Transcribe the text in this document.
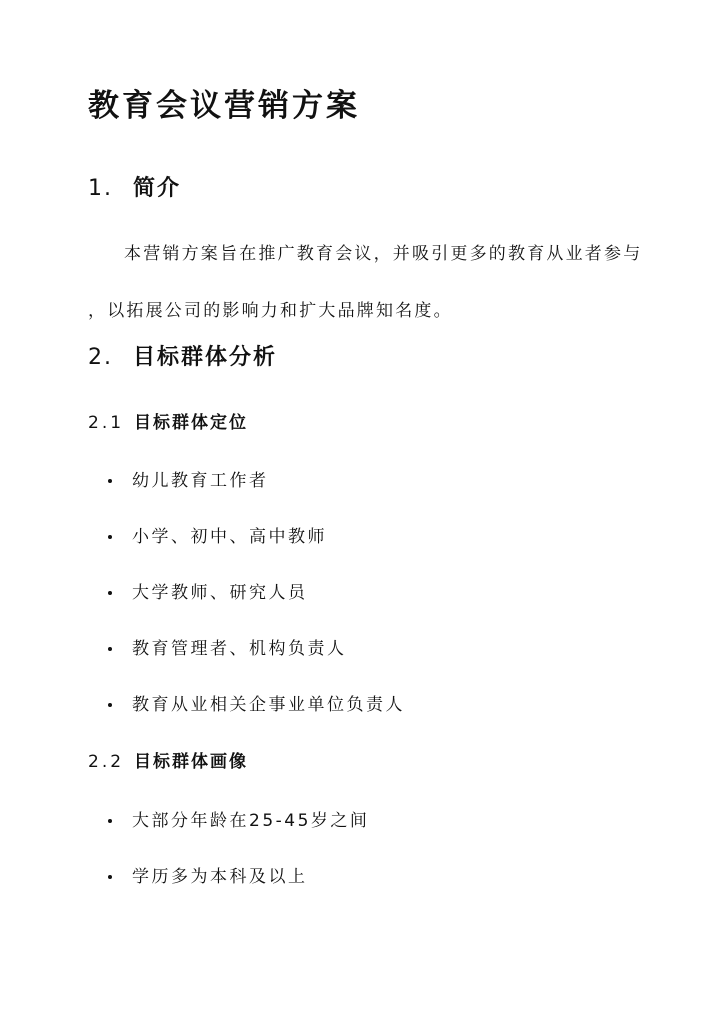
教育会议营销方案
1. 简介
本营销方案旨在推广教育会议，并吸引更多的教育从业者参与
，以拓展公司的影响力和扩大品牌知名度。
2. 目标群体分析
2.1 目标群体定位
幼儿教育工作者
小学、初中、高中教师
大学教师、研究人员
教育管理者、机构负责人
教育从业相关企事业单位负责人
2.2 目标群体画像
大部分年龄在25-45岁之间
学历多为本科及以上
